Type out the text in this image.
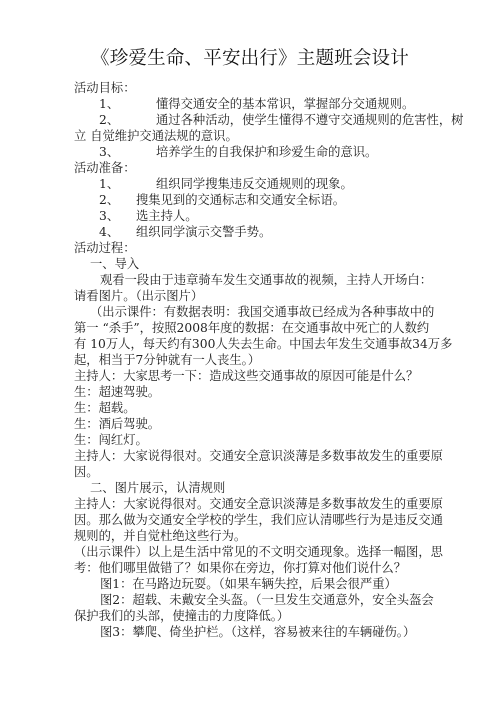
《珍爱生命、平安出行》主题班会设计
活动目标：
1、	懂得交通安全的基本常识，掌握部分交通规则。
2、	通过各种活动，使学生懂得不遵守交通规则的危害性，树
立 自觉维护交通法规的意识。
3、	培养学生的自我保护和珍爱生命的意识。
活动准备：
1、	组织同学搜集违反交通规则的现象。
2、	搜集见到的交通标志和交通安全标语。
3、	选主持人。
4、	组织同学演示交警手势。
活动过程：
一、导入
观看一段由于违章骑车发生交通事故的视频，主持人开场白：
请看图片。（出示图片）
（出示课件：有数据表明：我国交通事故已经成为各种事故中的
第一 “杀手”，按照2008年度的数据：在交通事故中死亡的人数约
有 10万人，每天约有300人失去生命。中国去年发生交通事故34万多
起，相当于7分钟就有一人丧生。）
主持人：大家思考一下：造成这些交通事故的原因可能是什么？
生：超速驾驶。
生：超载。
生：酒后驾驶。
生：闯红灯。
主持人：大家说得很对。交通安全意识淡薄是多数事故发生的重要原
因。
二、图片展示，认清规则
主持人：大家说得很对。交通安全意识淡薄是多数事故发生的重要原
因。那么做为交通安全学校的学生，我们应认清哪些行为是违反交通
规则的，并自觉杜绝这些行为。
（出示课件）以上是生活中常见的不文明交通现象。选择一幅图，思
考：他们哪里做错了？如果你在旁边，你打算对他们说什么？
图1：在马路边玩耍。（如果车辆失控，后果会很严重）
图2：超载、未戴安全头盔。（一旦发生交通意外，安全头盔会
保护我们的头部，使撞击的力度降低。）
图3：攀爬、倚坐护栏。（这样，容易被来往的车辆碰伤。）
